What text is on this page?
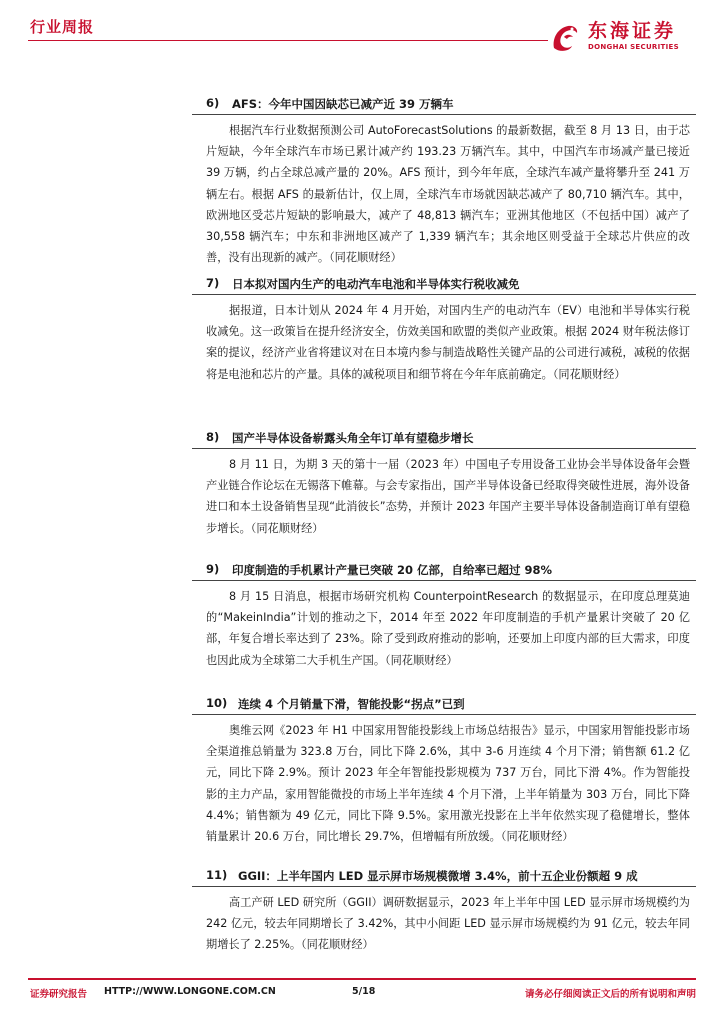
行业周报	东海证券
DONGHAI SECURITIES
6) AFS：今年中国因缺芯已减产近 39 万辆车

根据汽车行业数据预测公司 AutoForecastSolutions 的最新数据，截至 8 月 13 日，由于芯片短缺，今年全球汽车市场已累计减产约 193.23 万辆汽车。其中，中国汽车市场减产量已接近 39 万辆，约占全球总减产量的 20%。AFS 预计，到今年年底，全球汽车减产量将攀升至 241 万辆左右。根据 AFS 的最新估计，仅上周，全球汽车市场就因缺芯减产了 80,710 辆汽车。其中，欧洲地区受芯片短缺的影响最大，减产了 48,813 辆汽车；亚洲其他地区（不包括中国）减产了 30,558 辆汽车；中东和非洲地区减产了 1,339 辆汽车；其余地区则受益于全球芯片供应的改善，没有出现新的减产。（同花顺财经）

7) 日本拟对国内生产的电动汽车电池和半导体实行税收减免

据报道，日本计划从 2024 年 4 月开始，对国内生产的电动汽车（EV）电池和半导体实行税收减免。这一政策旨在提升经济安全，仿效美国和欧盟的类似产业政策。根据 2024 财年税法修订案的提议，经济产业省将建议对在日本境内参与制造战略性关键产品的公司进行减税，减税的依据将是电池和芯片的产量。具体的减税项目和细节将在今年年底前确定。（同花顺财经）

8) 国产半导体设备崭露头角全年订单有望稳步增长

8 月 11 日，为期 3 天的第十一届（2023 年）中国电子专用设备工业协会半导体设备年会暨产业链合作论坛在无锡落下帷幕。与会专家指出，国产半导体设备已经取得突破性进展，海外设备进口和本土设备销售呈现“此消彼长”态势，并预计 2023 年国产主要半导体设备制造商订单有望稳步增长。（同花顺财经）

9) 印度制造的手机累计产量已突破 20 亿部，自给率已超过 98%

8 月 15 日消息，根据市场研究机构 CounterpointResearch 的数据显示，在印度总理莫迪的“MakeinIndia”计划的推动之下，2014 年至 2022 年印度制造的手机产量累计突破了 20 亿部，年复合增长率达到了 23%。除了受到政府推动的影响，还要加上印度内部的巨大需求，印度也因此成为全球第二大手机生产国。（同花顺财经）

10) 连续 4 个月销量下滑，智能投影“拐点”已到

奥维云网《2023 年 H1 中国家用智能投影线上市场总结报告》显示，中国家用智能投影市场全渠道推总销量为 323.8 万台，同比下降 2.6%，其中 3-6 月连续 4 个月下滑；销售额 61.2 亿元，同比下降 2.9%。预计 2023 年全年智能投影规模为 737 万台，同比下滑 4%。作为智能投影的主力产品，家用智能微投的市场上半年连续 4 个月下滑，上半年销量为 303 万台，同比下降 4.4%；销售额为 49 亿元，同比下降 9.5%。家用激光投影在上半年依然实现了稳健增长，整体销量累计 20.6 万台，同比增长 29.7%，但增幅有所放缓。（同花顺财经）

11) GGII：上半年国内 LED 显示屏市场规模微增 3.4%，前十五企业份额超 9 成

高工产研 LED 研究所（GGII）调研数据显示，2023 年上半年中国 LED 显示屏市场规模约为 242 亿元，较去年同期增长了 3.42%，其中小间距 LED 显示屏市场规模约为 91 亿元，较去年同期增长了 2.25%。（同花顺财经）

证券研究报告 HTTP://WWW.LONGONE.COM.CN	5/18	请务必仔细阅读正文后的所有说明和声明
